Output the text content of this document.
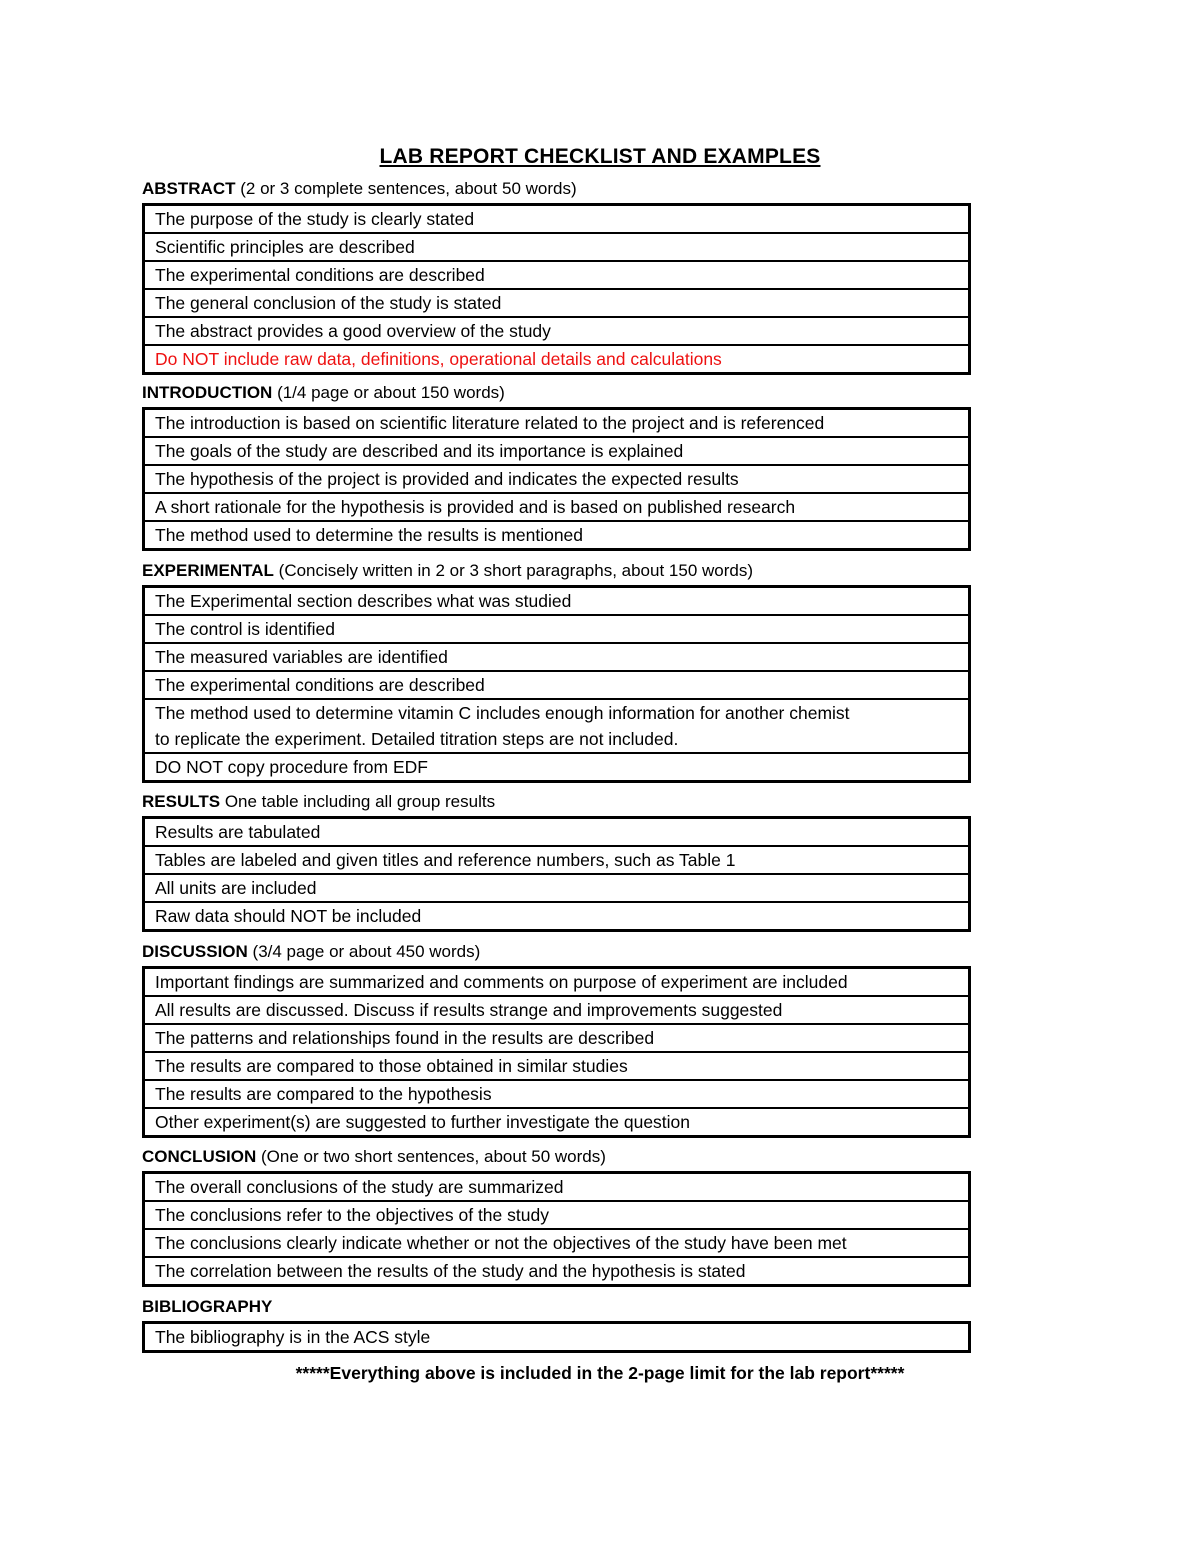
LAB REPORT CHECKLIST AND EXAMPLES
ABSTRACT (2 or 3 complete sentences, about 50 words)
The purpose of the study is clearly stated
Scientific principles are described
The experimental conditions are described
The general conclusion of the study is stated
The abstract provides a good overview of the study
Do NOT include raw data, definitions, operational details and calculations
INTRODUCTION (1/4 page or about 150 words)
The introduction is based on scientific literature related to the project and is referenced
The goals of the study are described and its importance is explained
The hypothesis of the project is provided and indicates the expected results
A short rationale for the hypothesis is provided and is based on published research
The method used to determine the results is mentioned
EXPERIMENTAL (Concisely written in 2 or 3 short paragraphs, about 150 words)
The Experimental section describes what was studied
The control is identified
The measured variables are identified
The experimental conditions are described
The method used to determine vitamin C includes enough information for another chemist
to replicate the experiment. Detailed titration steps are not included.
DO NOT copy procedure from EDF
RESULTS One table including all group results
Results are tabulated
Tables are labeled and given titles and reference numbers, such as Table 1
All units are included
Raw data should NOT be included
DISCUSSION (3/4 page or about 450 words)
Important findings are summarized and comments on purpose of experiment are included
All results are discussed. Discuss if results strange and improvements suggested
The patterns and relationships found in the results are described
The results are compared to those obtained in similar studies
The results are compared to the hypothesis
Other experiment(s) are suggested to further investigate the question
CONCLUSION (One or two short sentences, about 50 words)
The overall conclusions of the study are summarized
The conclusions refer to the objectives of the study
The conclusions clearly indicate whether or not the objectives of the study have been met
The correlation between the results of the study and the hypothesis is stated
BIBLIOGRAPHY
The bibliography is in the ACS style
*****Everything above is included in the 2-page limit for the lab report*****
